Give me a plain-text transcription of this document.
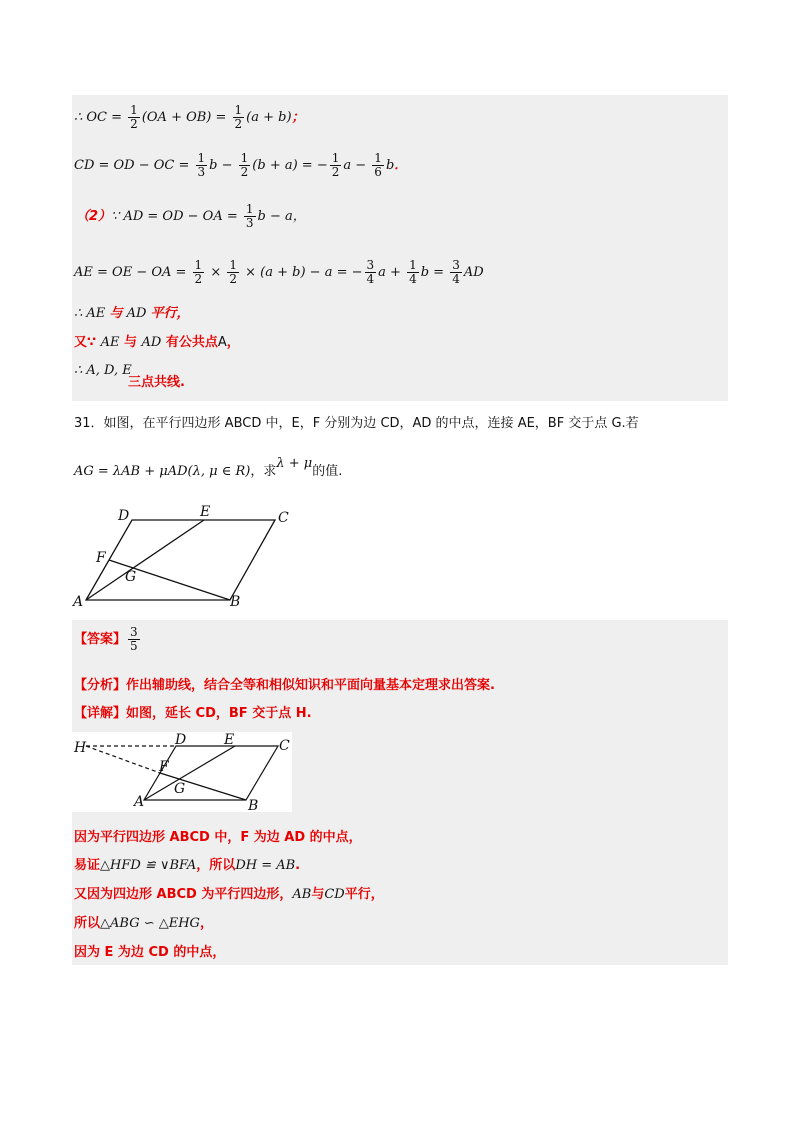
∴ OC = $\frac{1}{2} (OA + OB) = \frac{1}{2} (a + b)$；
CD = OD − OC = $\frac{1}{3}$ $b - \frac{1}{2} (b + a)$ = − $\frac{1}{2}$ $a - \frac{1}{6}$ b．
（2）∵ AD = OD − OA = $\frac{1}{3}$ b − a，
AE = OE − OA = $\frac{1}{2} \times \frac{1}{2} \times (a + b) - a$ = − $\frac{3}{4}$ $a + \frac{1}{4}$ $b = \frac{3}{4}$ AD
∴ AE 与 AD 平行，
又∵ AE 与 AD 有公共点A，
∴ A, D, E
三点共线.
31．如图，在平行四边形 ABCD 中，E，F 分别为边 CD，AD 的中点，连接 AE，BF 交于点 G.若
AG = λAB + μAD(λ, μ ∈ R)，求λ + μ的值.
D	E	C
F
G
A	B
【答案】 $\frac{3}{5}$
【分析】作出辅助线，结合全等和相似知识和平面向量基本定理求出答案.
【详解】如图，延长 CD，BF 交于点 H.
H	D	E	C
F
G
A	B
因为平行四边形 ABCD 中，F 为边 AD 的中点，
易证△HFD ≌ ∨BFA，所以DH = AB.
又因为四边形 ABCD 为平行四边形，AB与CD平行，
所以△ABG ∽ △EHG，
因为 E 为边 CD 的中点，
